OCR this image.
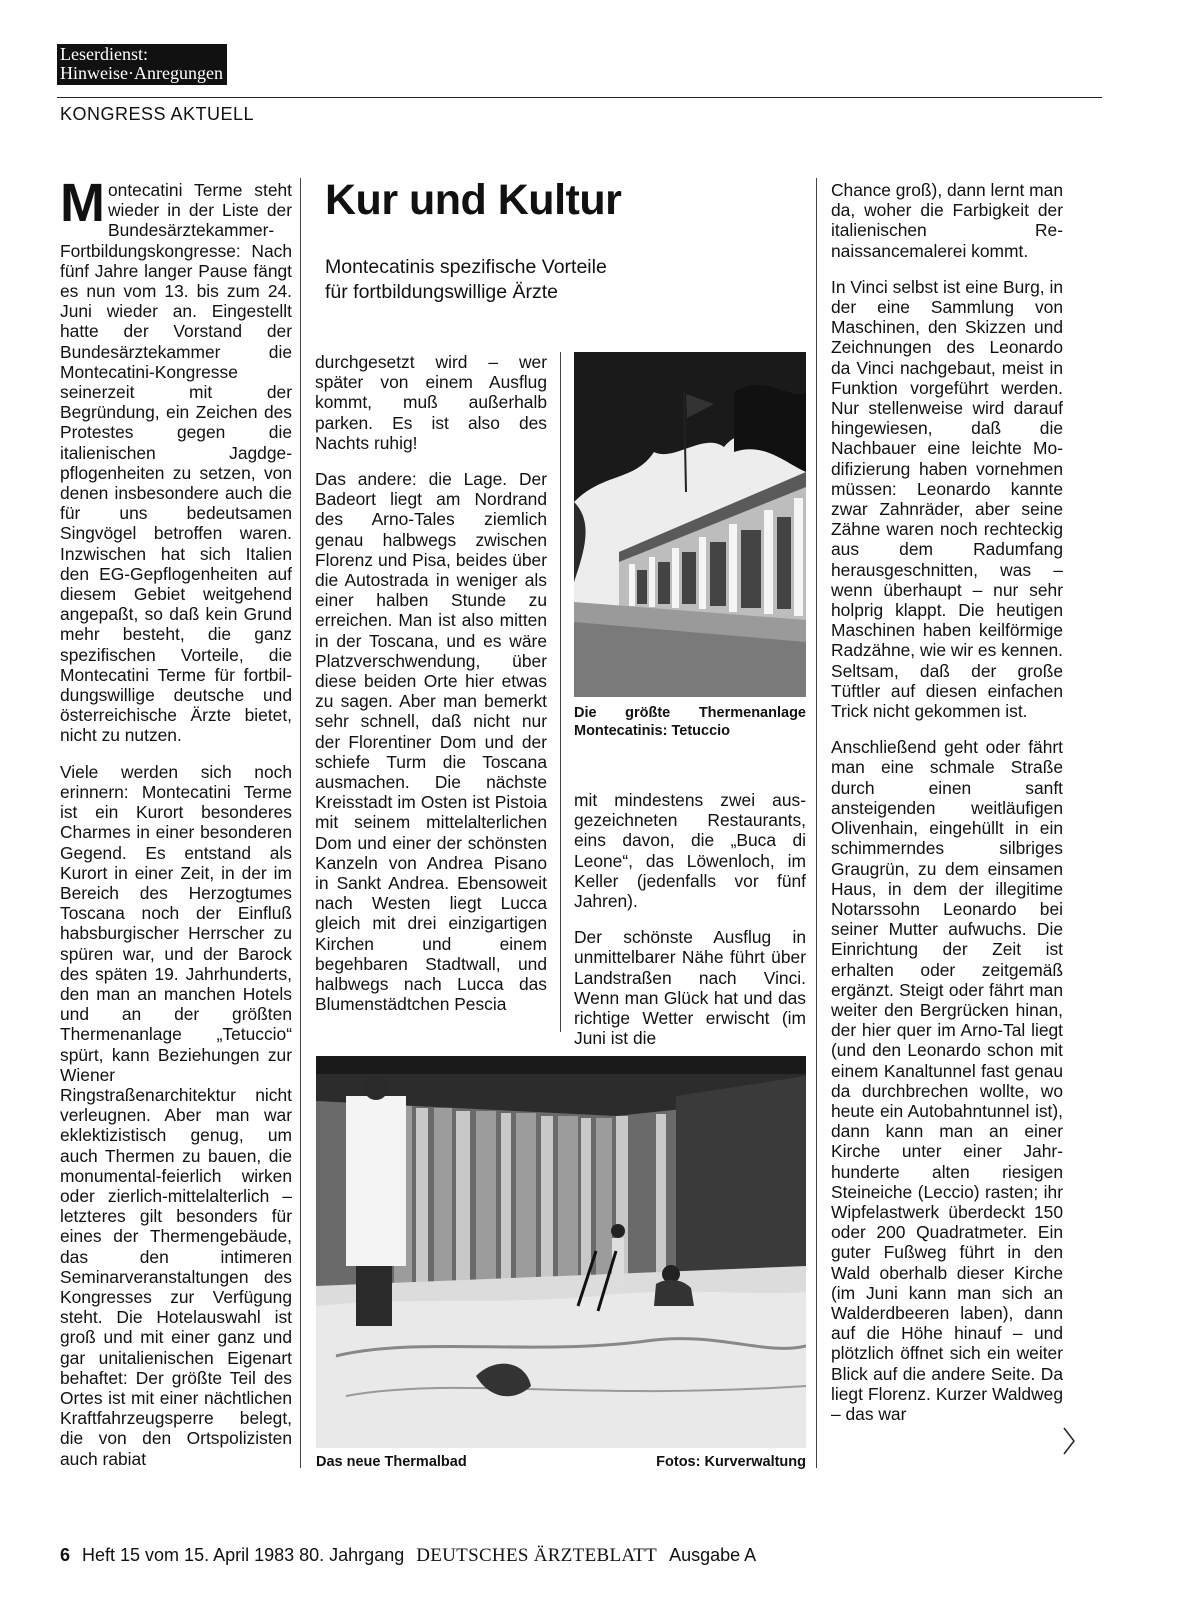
Leserdienst:
Hinweise·Anregungen
KONGRESS AKTUELL
Kur und Kultur
Montecatinis spezifische Vorteile
für fortbildungswillige Ärzte

Montecatini Terme steht wieder in der Liste der Bundesärztekammer-Fortbildungskongresse: Nach fünf Jahre langer Pause fängt es nun vom 13. bis zum 24. Juni wieder an. Eingestellt hatte der Vorstand der Bundesärztekammer die Montecatini-Kongresse seinerzeit mit der Begründung, ein Zeichen des Protestes gegen die italienischen Jagdgepflogenheiten zu setzen, von denen insbesondere auch die für uns bedeutsamen Singvögel betroffen waren. Inzwischen hat sich Italien den EG-Gepflogenheiten auf diesem Gebiet weitgehend angepaßt, so daß kein Grund mehr besteht, die ganz spezifischen Vorteile, die Montecatini Terme für fortbildungswillige deutsche und österreichische Ärzte bietet, nicht zu nutzen.

Viele werden sich noch erinnern: Montecatini Terme ist ein Kurort besonderes Charmes in einer besonderen Gegend. Es entstand als Kurort in einer Zeit, in der im Bereich des Herzogtumes Toscana noch der Einfluß habsburgischer Herrscher zu spüren war, und der Barock des späten 19. Jahrhunderts, den man an manchen Hotels und an der größten Thermenanlage „Tetuccio“ spürt, kann Beziehungen zur Wiener Ringstraßenarchitektur nicht verleugnen. Aber man war eklektizistisch genug, um auch Thermen zu bauen, die monumental-feierlich wirken oder zierlich-mittelalterlich – letzteres gilt besonders für eines der Thermengebäude, das den intimeren Seminarveranstaltungen des Kongresses zur Verfügung steht. Die Hotelauswahl ist groß und mit einer ganz und gar unitalienischen Eigenart behaftet: Der größte Teil des Ortes ist mit einer nächtlichen Kraftfahrzeugsperre belegt, die von den Ortspolizisten auch rabiat

durchgesetzt wird – wer später von einem Ausflug kommt, muß außerhalb parken. Es ist also des Nachts ruhig!

Das andere: die Lage. Der Badeort liegt am Nordrand des Arno-Tales ziemlich genau halbwegs zwischen Florenz und Pisa, beides über die Autostrada in weniger als einer halben Stunde zu erreichen. Man ist also mitten in der Toscana, und es wäre Platzverschwendung, über diese beiden Orte hier etwas zu sagen. Aber man bemerkt sehr schnell, daß nicht nur der Florentiner Dom und der schiefe Turm die Toscana ausmachen. Die nächste Kreisstadt im Osten ist Pistoia mit seinem mittelalterlichen Dom und einer der schönsten Kanzeln von Andrea Pisano in Sankt Andrea. Ebensoweit nach Westen liegt Lucca gleich mit drei einzigartigen Kirchen und einem begehbaren Stadtwall, und halbwegs nach Lucca das Blumenstädtchen Pescia

mit mindestens zwei ausgezeichneten Restaurants, eins davon, die „Buca di Leone“, das Löwenloch, im Keller (jedenfalls vor fünf Jahren).

Der schönste Ausflug in unmittelbarer Nähe führt über Landstraßen nach Vinci. Wenn man Glück hat und das richtige Wetter erwischt (im Juni ist die

Chance groß), dann lernt man da, woher die Farbigkeit der italienischen Renaissancemalerei kommt.

In Vinci selbst ist eine Burg, in der eine Sammlung von Maschinen, den Skizzen und Zeichnungen des Leonardo da Vinci nachgebaut, meist in Funktion vorgeführt werden. Nur stellenweise wird darauf hingewiesen, daß die Nachbauer eine leichte Modifizierung haben vornehmen müssen: Leonardo kannte zwar Zahnräder, aber seine Zähne waren noch rechteckig aus dem Radumfang herausgeschnitten, was – wenn überhaupt – nur sehr holprig klappt. Die heutigen Maschinen haben keilförmige Radzähne, wie wir es kennen. Seltsam, daß der große Tüftler auf diesen einfachen Trick nicht gekommen ist.

Anschließend geht oder fährt man eine schmale Straße durch einen sanft ansteigenden weitläufigen Olivenhain, eingehüllt in ein schimmerndes silbriges Graugrün, zu dem einsamen Haus, in dem der illegitime Notarssohn Leonardo bei seiner Mutter aufwuchs. Die Einrichtung der Zeit ist erhalten oder zeitgemäß ergänzt. Steigt oder fährt man weiter den Bergrücken hinan, der hier quer im Arno-Tal liegt (und den Leonardo schon mit einem Kanaltunnel fast genau da durchbrechen wollte, wo heute ein Autobahntunnel ist), dann kann man an einer Kirche unter einer Jahrhunderte alten riesigen Steineiche (Leccio) rasten; ihr Wipfelastwerk überdeckt 150 oder 200 Quadratmeter. Ein guter Fußweg führt in den Wald oberhalb dieser Kirche (im Juni kann man sich an Walderdbeeren laben), dann auf die Höhe hinauf – und plötzlich öffnet sich ein weiter Blick auf die andere Seite. Da liegt Florenz. Kurzer Waldweg – das war

Die größte Thermenanlage
Montecatinis: Tetuccio
Das neue Thermalbad	Fotos: Kurverwaltung
6 Heft 15 vom 15. April 1983 80. Jahrgang DEUTSCHES ÄRZTEBLATT Ausgabe A
